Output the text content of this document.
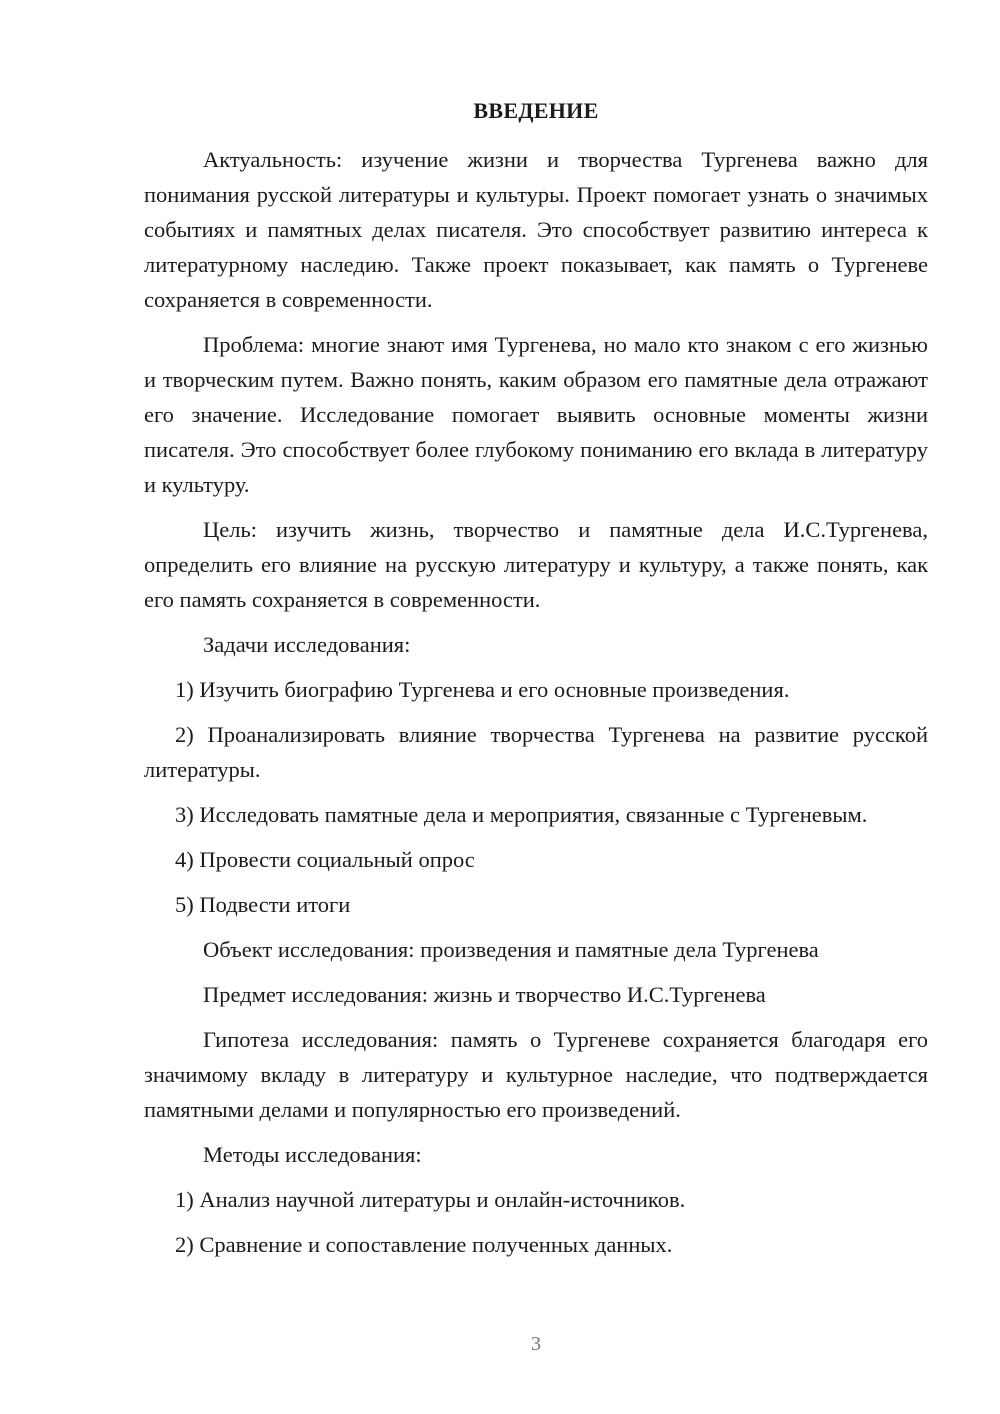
ВВЕДЕНИЕ

Актуальность: изучение жизни и творчества Тургенева важно для понимания русской литературы и культуры. Проект помогает узнать о значимых событиях и памятных делах писателя. Это способствует развитию интереса к литературному наследию. Также проект показывает, как память о Тургеневе сохраняется в современности.

Проблема: многие знают имя Тургенева, но мало кто знаком с его жизнью и творческим путем. Важно понять, каким образом его памятные дела отражают его значение. Исследование помогает выявить основные моменты жизни писателя. Это способствует более глубокому пониманию его вклада в литературу и культуру.

Цель: изучить жизнь, творчество и памятные дела И.С.Тургенева, определить его влияние на русскую литературу и культуру, а также понять, как его память сохраняется в современности.

Задачи исследования:

1) Изучить биографию Тургенева и его основные произведения.

2) Проанализировать влияние творчества Тургенева на развитие русской литературы.

3) Исследовать памятные дела и мероприятия, связанные с Тургеневым.

4) Провести социальный опрос

5) Подвести итоги

Объект исследования: произведения и памятные дела Тургенева

Предмет исследования: жизнь и творчество И.С.Тургенева

Гипотеза исследования: память о Тургеневе сохраняется благодаря его значимому вкладу в литературу и культурное наследие, что подтверждается памятными делами и популярностью его произведений.

Методы исследования:

1) Анализ научной литературы и онлайн-источников.

2) Сравнение и сопоставление полученных данных.

3
